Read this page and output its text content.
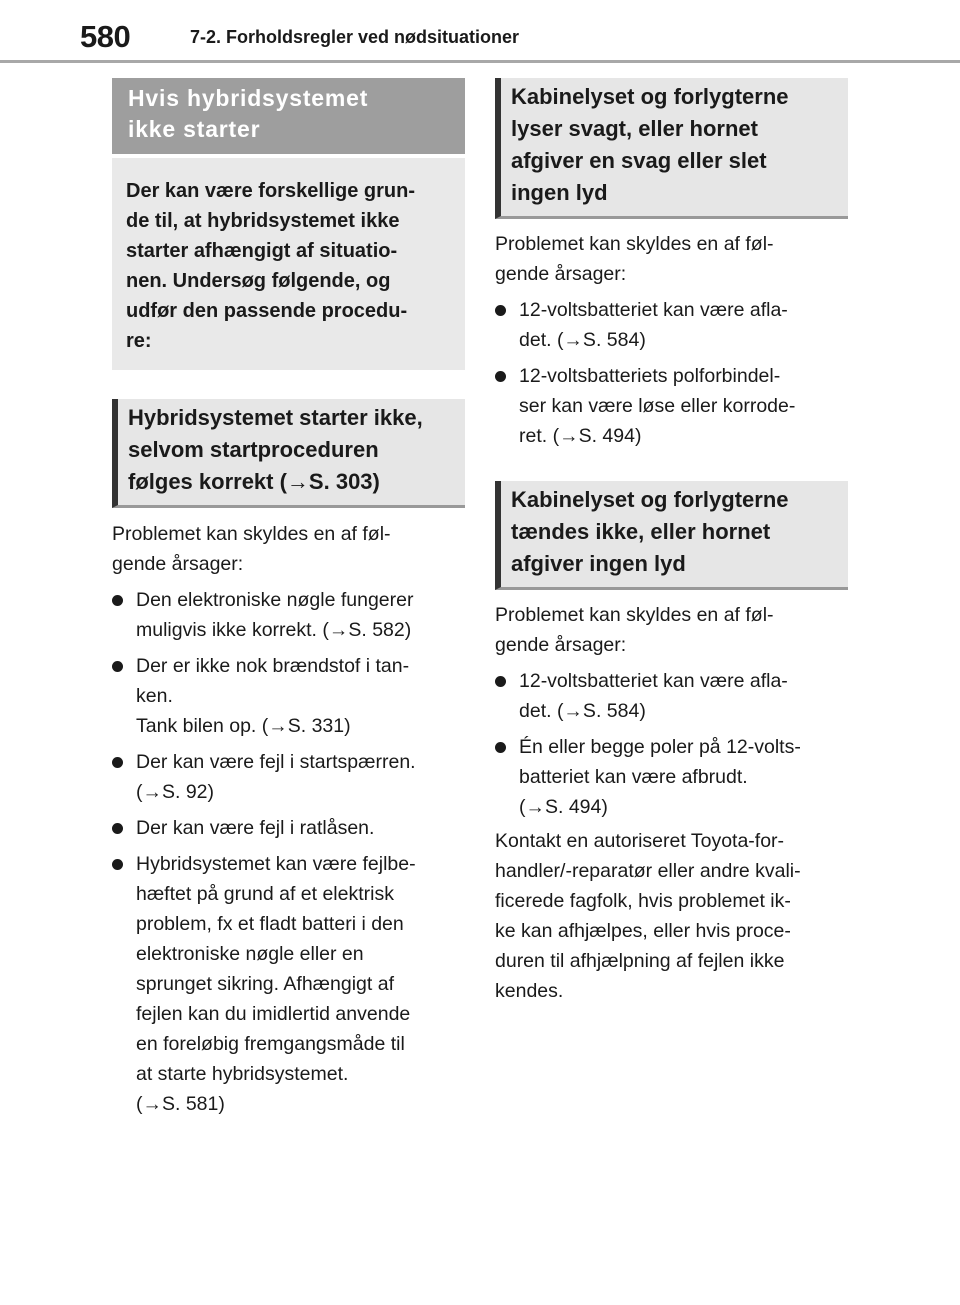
580	7-2. Forholdsregler ved nødsituationer
Hvis hybridsystemet
ikke starter
Der kan være forskellige grun-
de til, at hybridsystemet ikke
starter afhængigt af situatio-
nen. Undersøg følgende, og
udfør den passende procedu-
re:
Hybridsystemet starter ikke,
selvom startproceduren
følges korrekt (→S. 303)

Problemet kan skyldes en af føl-
gende årsager:

Den elektroniske nøgle fungerer
muligvis ikke korrekt. (→S. 582)
Der er ikke nok brændstof i tan-
ken.
Tank bilen op. (→S. 331)
Der kan være fejl i startspærren.
(→S. 92)
Der kan være fejl i ratlåsen.
Hybridsystemet kan være fejlbe-
hæftet på grund af et elektrisk
problem, fx et fladt batteri i den
elektroniske nøgle eller en
sprunget sikring. Afhængigt af
fejlen kan du imidlertid anvende
en foreløbig fremgangsmåde til
at starte hybridsystemet.
(→S. 581)
Kabinelyset og forlygterne
lyser svagt, eller hornet
afgiver en svag eller slet
ingen lyd

Problemet kan skyldes en af føl-
gende årsager:

12-voltsbatteriet kan være afla-
det. (→S. 584)
12-voltsbatteriets polforbindel-
ser kan være løse eller korrode-
ret. (→S. 494)
Kabinelyset og forlygterne
tændes ikke, eller hornet
afgiver ingen lyd

Problemet kan skyldes en af føl-
gende årsager:

12-voltsbatteriet kan være afla-
det. (→S. 584)
Én eller begge poler på 12-volts-
batteriet kan være afbrudt.
(→S. 494)

Kontakt en autoriseret Toyota-for-
handler/-reparatør eller andre kvali-
ficerede fagfolk, hvis problemet ik-
ke kan afhjælpes, eller hvis proce-
duren til afhjælpning af fejlen ikke
kendes.
